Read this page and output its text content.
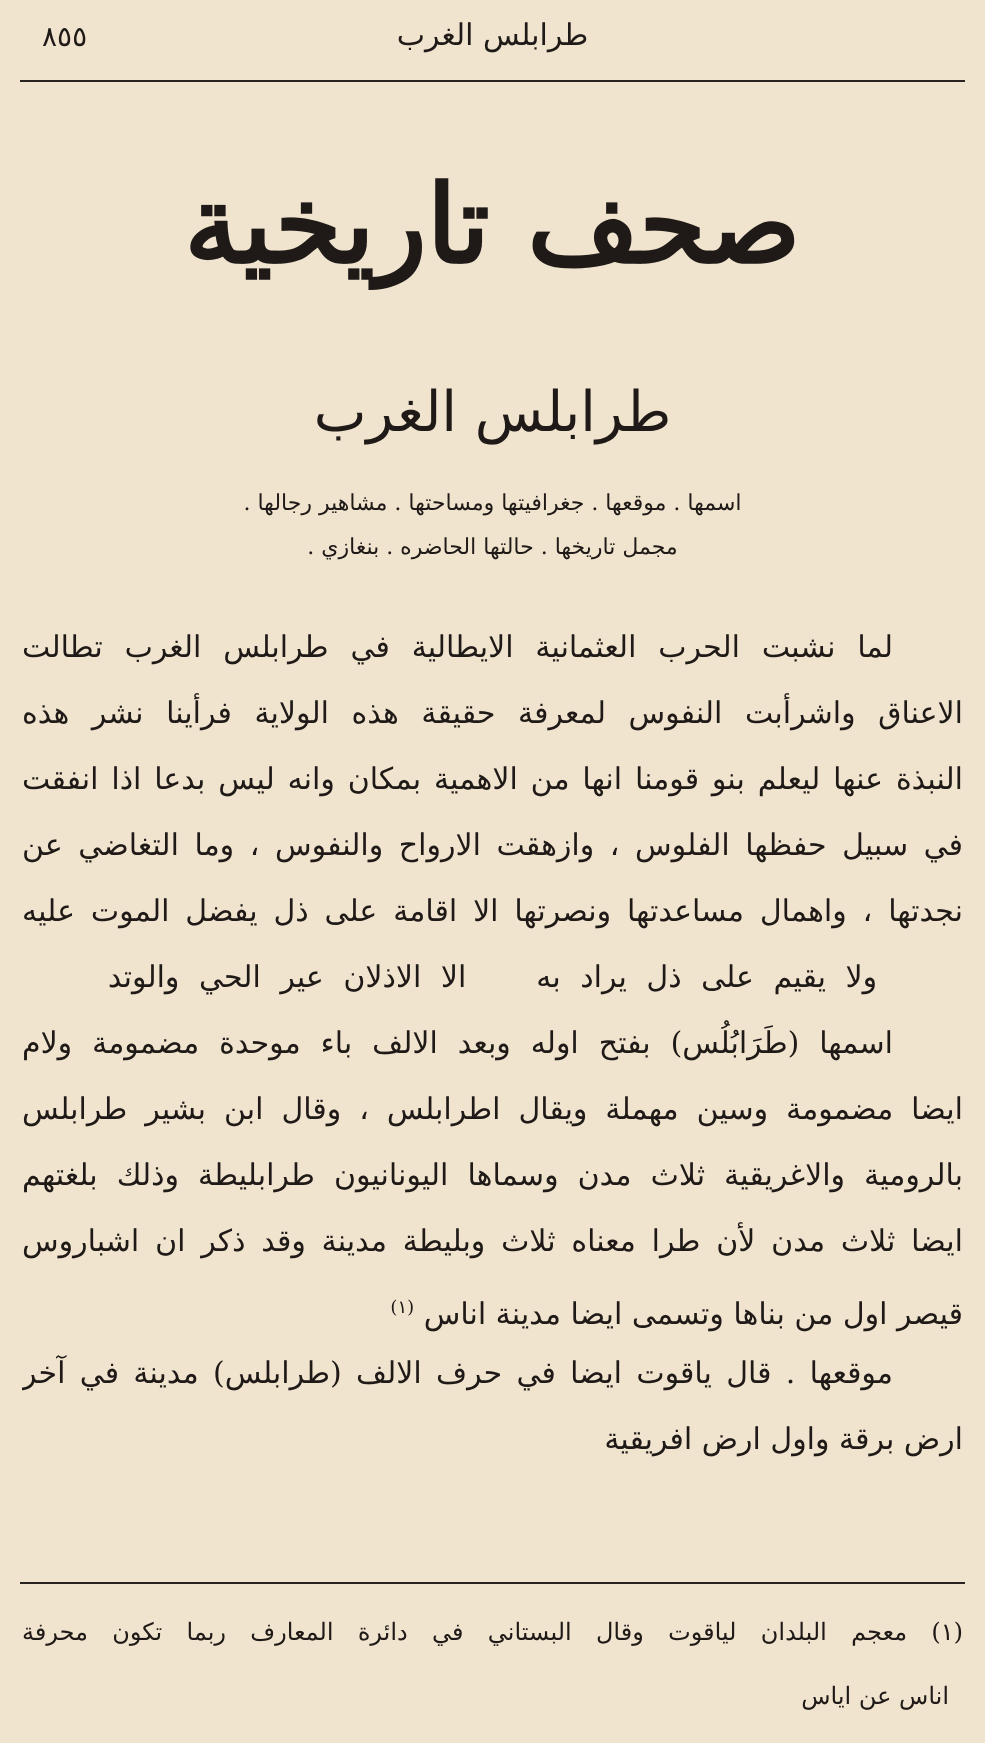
طرابلس الغرب
٨٥٥
صحف تاريخية
طرابلس الغرب
اسمها . موقعها . جغرافيتها ومساحتها . مشاهير رجالها .
مجمل تاريخها . حالتها الحاضره . بنغازي .
لما نشبت الحرب العثمانية الايطالية في طرابلس الغرب تطالت
الاعناق واشرأبت النفوس لمعرفة حقيقة هذه الولاية فرأينا نشر هذه
النبذة عنها ليعلم بنو قومنا انها من الاهمية بمكان وانه ليس بدعا اذا انفقت
في سبيل حفظها الفلوس ، وازهقت الارواح والنفوس ، وما التغاضي عن
نجدتها ، واهمال مساعدتها ونصرتها الا اقامة على ذل يفضل الموت عليه
ولا يقيم على ذل يراد بهالا الاذلان عير الحي والوتد
اسمها (طَرَابُلُس) بفتح اوله وبعد الالف باء موحدة مضمومة ولام
ايضا مضمومة وسين مهملة ويقال اطرابلس ، وقال ابن بشير طرابلس
بالرومية والاغريقية ثلاث مدن وسماها اليونانيون طرابليطة وذلك بلغتهم
ايضا ثلاث مدن لأن طرا معناه ثلاث وبليطة مدينة وقد ذكر ان اشباروس
قيصر اول من بناها وتسمى ايضا مدينة اناس $^{(١)}$
موقعها . قال ياقوت ايضا في حرف الالف (طرابلس) مدينة في آخر
ارض برقة واول ارض افريقية
(١) معجم البلدان لياقوت وقال البستاني في دائرة المعارف ربما تكون محرفة
اناس عن اياس
